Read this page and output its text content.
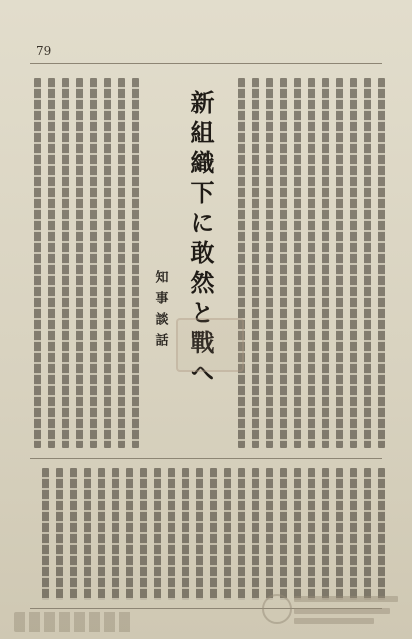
79
新組織下に敢然と戰へ
知事談話
